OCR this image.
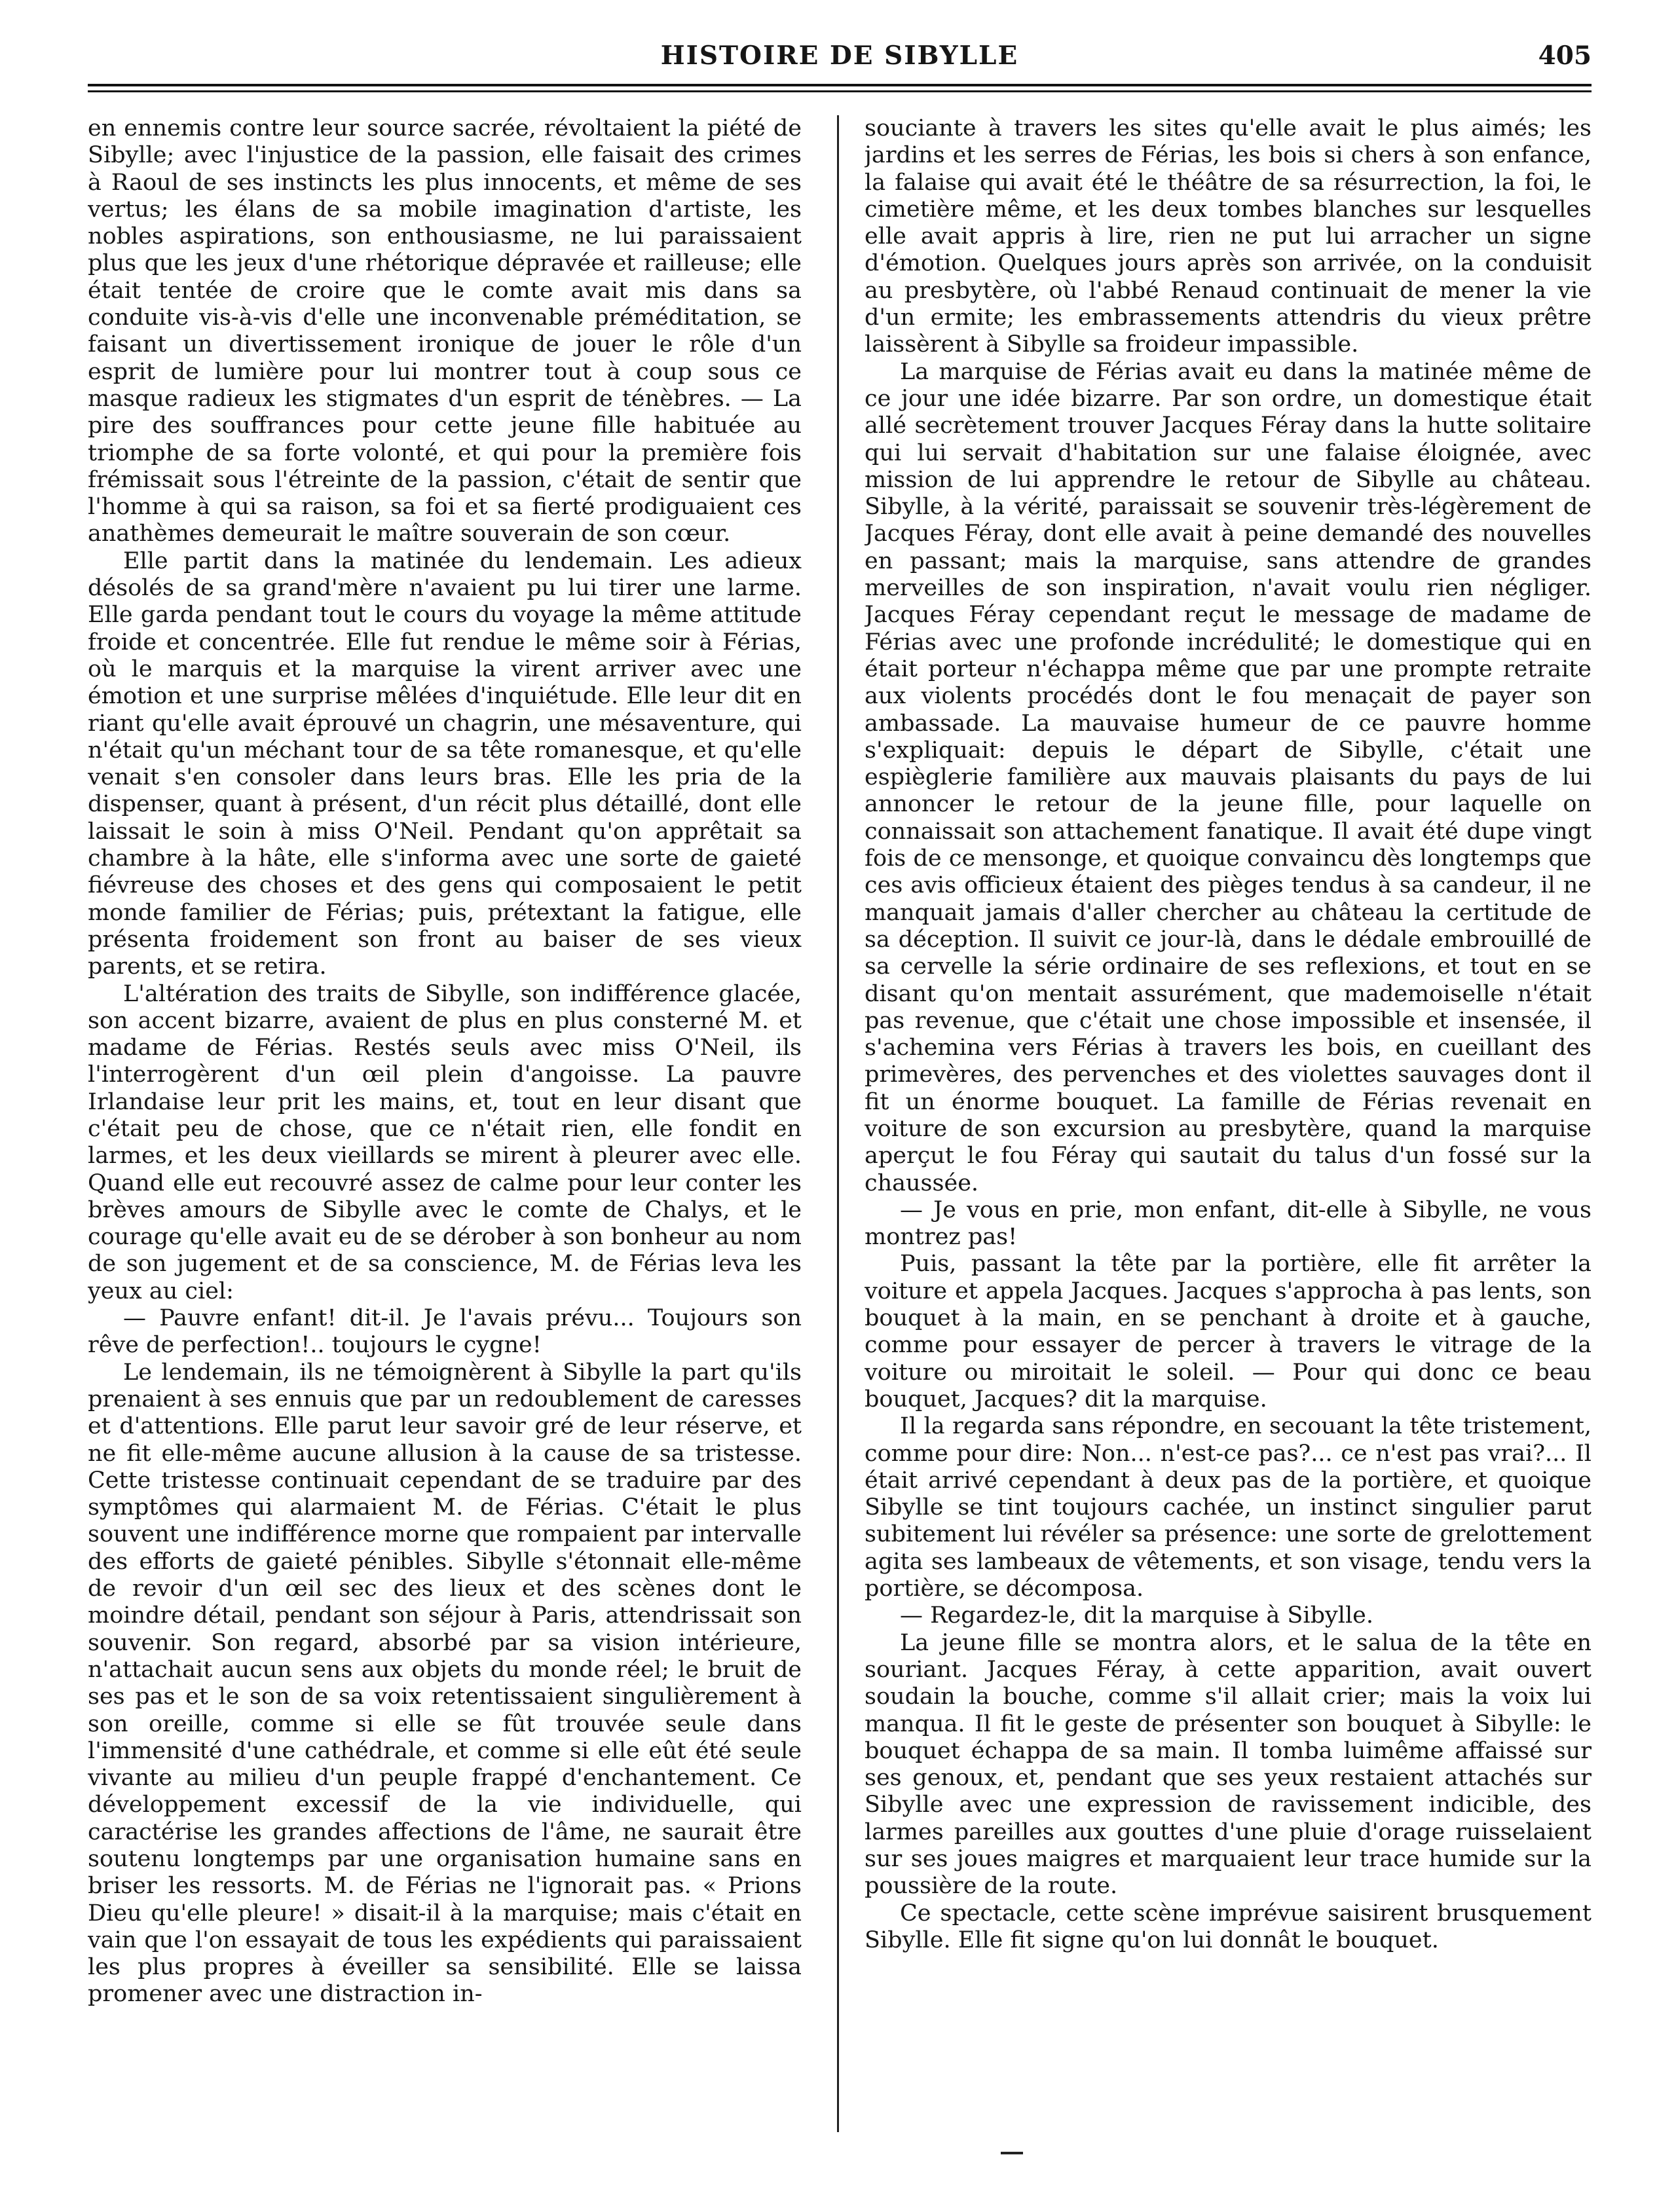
HISTOIRE DE SIBYLLE	405

en ennemis contre leur source sacrée, révoltaient la piété de Sibylle; avec l'injustice de la passion, elle faisait des crimes à Raoul de ses instincts les plus innocents, et même de ses vertus; les élans de sa mobile imagination d'artiste, les nobles aspirations, son enthousiasme, ne lui paraissaient plus que les jeux d'une rhétorique dépravée et railleuse; elle était tentée de croire que le comte avait mis dans sa conduite vis-à-vis d'elle une inconvenable préméditation, se faisant un divertissement ironique de jouer le rôle d'un esprit de lumière pour lui montrer tout à coup sous ce masque radieux les stigmates d'un esprit de ténèbres. — La pire des souffrances pour cette jeune fille habituée au triomphe de sa forte volonté, et qui pour la première fois frémissait sous l'étreinte de la passion, c'était de sentir que l'homme à qui sa raison, sa foi et sa fierté prodiguaient ces anathèmes demeurait le maître souverain de son cœur.

Elle partit dans la matinée du lendemain. Les adieux désolés de sa grand'mère n'avaient pu lui tirer une larme. Elle garda pendant tout le cours du voyage la même attitude froide et concentrée. Elle fut rendue le même soir à Férias, où le marquis et la marquise la virent arriver avec une émotion et une surprise mêlées d'inquiétude. Elle leur dit en riant qu'elle avait éprouvé un chagrin, une mésaventure, qui n'était qu'un méchant tour de sa tête romanesque, et qu'elle venait s'en consoler dans leurs bras. Elle les pria de la dispenser, quant à présent, d'un récit plus détaillé, dont elle laissait le soin à miss O'Neil. Pendant qu'on apprêtait sa chambre à la hâte, elle s'informa avec une sorte de gaieté fiévreuse des choses et des gens qui composaient le petit monde familier de Férias; puis, prétextant la fatigue, elle présenta froidement son front au baiser de ses vieux parents, et se retira.

L'altération des traits de Sibylle, son indifférence glacée, son accent bizarre, avaient de plus en plus consterné M. et madame de Férias. Restés seuls avec miss O'Neil, ils l'interrogèrent d'un œil plein d'angoisse. La pauvre Irlandaise leur prit les mains, et, tout en leur disant que c'était peu de chose, que ce n'était rien, elle fondit en larmes, et les deux vieillards se mirent à pleurer avec elle. Quand elle eut recouvré assez de calme pour leur conter les brèves amours de Sibylle avec le comte de Chalys, et le courage qu'elle avait eu de se dérober à son bonheur au nom de son jugement et de sa conscience, M. de Férias leva les yeux au ciel:

— Pauvre enfant! dit-il. Je l'avais prévu... Toujours son rêve de perfection!.. toujours le cygne!

Le lendemain, ils ne témoignèrent à Sibylle la part qu'ils prenaient à ses ennuis que par un redoublement de caresses et d'attentions. Elle parut leur savoir gré de leur réserve, et ne fit elle-même aucune allusion à la cause de sa tristesse. Cette tristesse continuait cependant de se traduire par des symptômes qui alarmaient M. de Férias. C'était le plus souvent une indifférence morne que rompaient par intervalle des efforts de gaieté pénibles. Sibylle s'étonnait elle-même de revoir d'un œil sec des lieux et des scènes dont le moindre détail, pendant son séjour à Paris, attendrissait son souvenir. Son regard, absorbé par sa vision intérieure, n'attachait aucun sens aux objets du monde réel; le bruit de ses pas et le son de sa voix retentissaient singulièrement à son oreille, comme si elle se fût trouvée seule dans l'immensité d'une cathédrale, et comme si elle eût été seule vivante au milieu d'un peuple frappé d'enchantement. Ce développement excessif de la vie individuelle, qui caractérise les grandes affections de l'âme, ne saurait être soutenu longtemps par une organisation humaine sans en briser les ressorts. M. de Férias ne l'ignorait pas. « Prions Dieu qu'elle pleure! » disait-il à la marquise; mais c'était en vain que l'on essayait de tous les expédients qui paraissaient les plus propres à éveiller sa sensibilité. Elle se laissa promener avec une distraction in-

souciante à travers les sites qu'elle avait le plus aimés; les jardins et les serres de Férias, les bois si chers à son enfance, la falaise qui avait été le théâtre de sa résurrection, la foi, le cimetière même, et les deux tombes blanches sur lesquelles elle avait appris à lire, rien ne put lui arracher un signe d'émotion. Quelques jours après son arrivée, on la conduisit au presbytère, où l'abbé Renaud continuait de mener la vie d'un ermite; les embrassements attendris du vieux prêtre laissèrent à Sibylle sa froideur impassible.

La marquise de Férias avait eu dans la matinée même de ce jour une idée bizarre. Par son ordre, un domestique était allé secrètement trouver Jacques Féray dans la hutte solitaire qui lui servait d'habitation sur une falaise éloignée, avec mission de lui apprendre le retour de Sibylle au château. Sibylle, à la vérité, paraissait se souvenir très-légèrement de Jacques Féray, dont elle avait à peine demandé des nouvelles en passant; mais la marquise, sans attendre de grandes merveilles de son inspiration, n'avait voulu rien négliger. Jacques Féray cependant reçut le message de madame de Férias avec une profonde incrédulité; le domestique qui en était porteur n'échappa même que par une prompte retraite aux violents procédés dont le fou menaçait de payer son ambassade. La mauvaise humeur de ce pauvre homme s'expliquait: depuis le départ de Sibylle, c'était une espièglerie familière aux mauvais plaisants du pays de lui annoncer le retour de la jeune fille, pour laquelle on connaissait son attachement fanatique. Il avait été dupe vingt fois de ce mensonge, et quoique convaincu dès longtemps que ces avis officieux étaient des pièges tendus à sa candeur, il ne manquait jamais d'aller chercher au château la certitude de sa déception. Il suivit ce jour-là, dans le dédale embrouillé de sa cervelle la série ordinaire de ses reflexions, et tout en se disant qu'on mentait assurément, que mademoiselle n'était pas revenue, que c'était une chose impossible et insensée, il s'achemina vers Férias à travers les bois, en cueillant des primevères, des pervenches et des violettes sauvages dont il fit un énorme bouquet. La famille de Férias revenait en voiture de son excursion au presbytère, quand la marquise aperçut le fou Féray qui sautait du talus d'un fossé sur la chaussée.

— Je vous en prie, mon enfant, dit-elle à Sibylle, ne vous montrez pas!

Puis, passant la tête par la portière, elle fit arrêter la voiture et appela Jacques. Jacques s'approcha à pas lents, son bouquet à la main, en se penchant à droite et à gauche, comme pour essayer de percer à travers le vitrage de la voiture ou miroitait le soleil. — Pour qui donc ce beau bouquet, Jacques? dit la marquise.

Il la regarda sans répondre, en secouant la tête tristement, comme pour dire: Non... n'est-ce pas?... ce n'est pas vrai?... Il était arrivé cependant à deux pas de la portière, et quoique Sibylle se tint toujours cachée, un instinct singulier parut subitement lui révéler sa présence: une sorte de grelottement agita ses lambeaux de vêtements, et son visage, tendu vers la portière, se décomposa.

— Regardez-le, dit la marquise à Sibylle.

La jeune fille se montra alors, et le salua de la tête en souriant. Jacques Féray, à cette apparition, avait ouvert soudain la bouche, comme s'il allait crier; mais la voix lui manqua. Il fit le geste de présenter son bouquet à Sibylle: le bouquet échappa de sa main. Il tomba luimême affaissé sur ses genoux, et, pendant que ses yeux restaient attachés sur Sibylle avec une expression de ravissement indicible, des larmes pareilles aux gouttes d'une pluie d'orage ruisselaient sur ses joues maigres et marquaient leur trace humide sur la poussière de la route.

Ce spectacle, cette scène imprévue saisirent brusquement Sibylle. Elle fit signe qu'on lui donnât le bouquet.
